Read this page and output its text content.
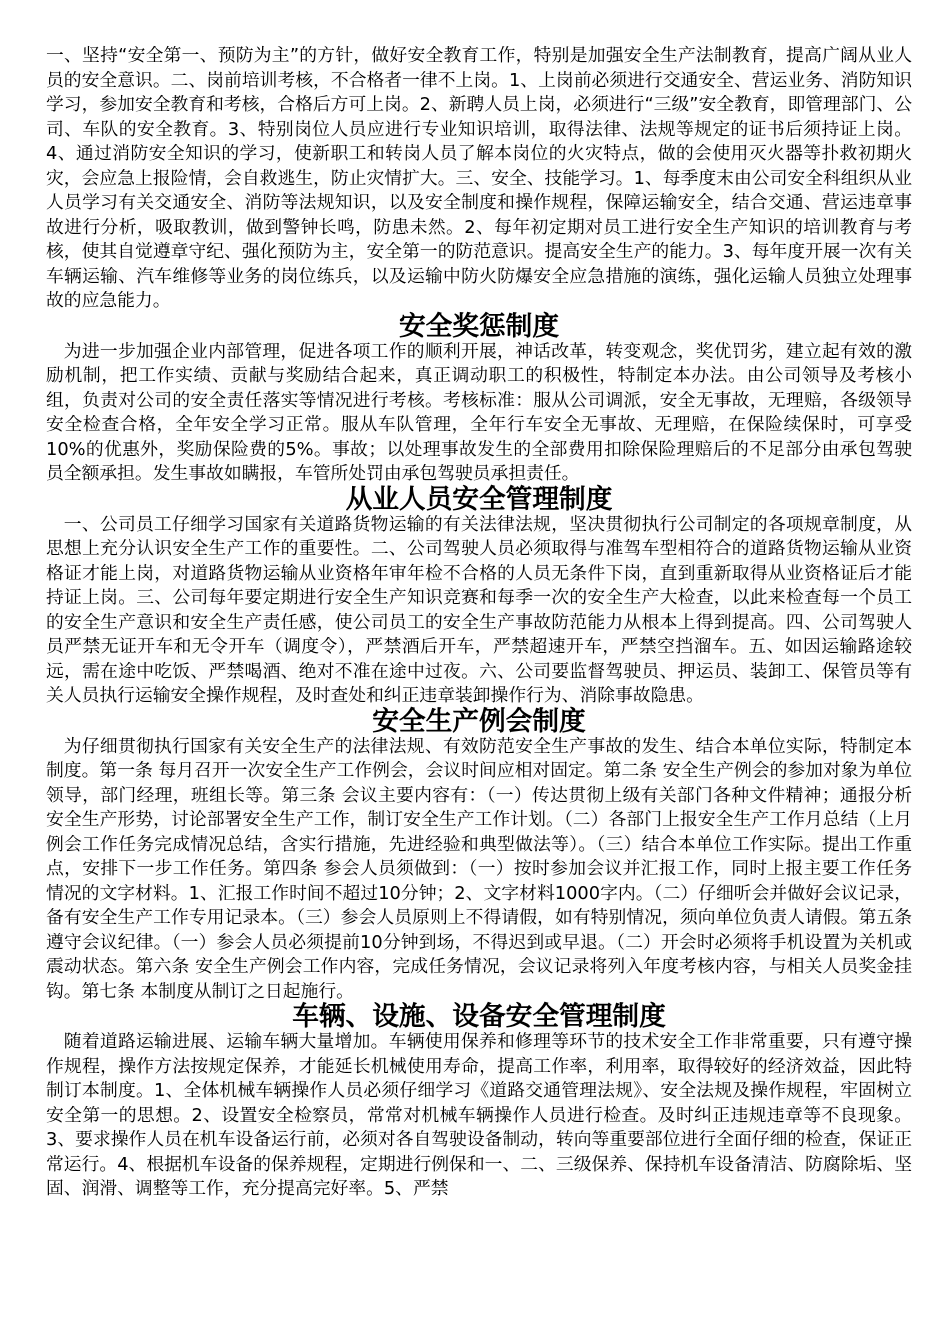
一、坚持“安全第一、预防为主”的方针，做好安全教育工作，特别是加强安全生产法制教育，提高广阔从业人员的安全意识。二、岗前培训考核，不合格者一律不上岗。1、上岗前必须进行交通安全、营运业务、消防知识学习，参加安全教育和考核，合格后方可上岗。2、新聘人员上岗，必须进行“三级”安全教育，即管理部门、公司、车队的安全教育。3、特别岗位人员应进行专业知识培训，取得法律、法规等规定的证书后须持证上岗。4、通过消防安全知识的学习，使新职工和转岗人员了解本岗位的火灾特点，做的会使用灭火器等扑救初期火灾，会应急上报险情，会自救逃生，防止灾情扩大。三、安全、技能学习。1、每季度末由公司安全科组织从业人员学习有关交通安全、消防等法规知识，以及安全制度和操作规程，保障运输安全，结合交通、营运违章事故进行分析，吸取教训，做到警钟长鸣，防患未然。2、每年初定期对员工进行安全生产知识的培训教育与考核，使其自觉遵章守纪、强化预防为主，安全第一的防范意识。提高安全生产的能力。3、每年度开展一次有关车辆运输、汽车维修等业务的岗位练兵，以及运输中防火防爆安全应急措施的演练，强化运输人员独立处理事故的应急能力。

安全奖惩制度

为进一步加强企业内部管理，促进各项工作的顺利开展，神话改革，转变观念，奖优罚劣，建立起有效的激励机制，把工作实绩、贡献与奖励结合起来，真正调动职工的积极性，特制定本办法。由公司领导及考核小组，负责对公司的安全责任落实等情况进行考核。考核标准：服从公司调派，安全无事故，无理赔，各级领导安全检查合格，全年安全学习正常。服从车队管理，全年行车安全无事故、无理赔，在保险续保时，可享受10%的优惠外，奖励保险费的5%。事故；以处理事故发生的全部费用扣除保险理赔后的不足部分由承包驾驶员全额承担。发生事故如瞒报，车管所处罚由承包驾驶员承担责任。

从业人员安全管理制度

一、公司员工仔细学习国家有关道路货物运输的有关法律法规，坚决贯彻执行公司制定的各项规章制度，从思想上充分认识安全生产工作的重要性。二、公司驾驶人员必须取得与准驾车型相符合的道路货物运输从业资格证才能上岗，对道路货物运输从业资格年审年检不合格的人员无条件下岗，直到重新取得从业资格证后才能持证上岗。三、公司每年要定期进行安全生产知识竞赛和每季一次的安全生产大检查，以此来检查每一个员工的安全生产意识和安全生产责任感，使公司员工的安全生产事故防范能力从根本上得到提高。四、公司驾驶人员严禁无证开车和无令开车（调度令），严禁酒后开车，严禁超速开车，严禁空挡溜车。五、如因运输路途较远，需在途中吃饭、严禁喝酒、绝对不准在途中过夜。六、公司要监督驾驶员、押运员、装卸工、保管员等有关人员执行运输安全操作规程，及时查处和纠正违章装卸操作行为、消除事故隐患。

安全生产例会制度

为仔细贯彻执行国家有关安全生产的法律法规、有效防范安全生产事故的发生、结合本单位实际，特制定本制度。第一条 每月召开一次安全生产工作例会，会议时间应相对固定。第二条 安全生产例会的参加对象为单位领导，部门经理，班组长等。第三条 会议主要内容有：（一）传达贯彻上级有关部门各种文件精神；通报分析安全生产形势，讨论部署安全生产工作，制订安全生产工作计划。（二）各部门上报安全生产工作月总结（上月例会工作任务完成情况总结，含实行措施，先进经验和典型做法等）。（三）结合本单位工作实际。提出工作重点，安排下一步工作任务。第四条 参会人员须做到：（一）按时参加会议并汇报工作，同时上报主要工作任务情况的文字材料。1、汇报工作时间不超过10分钟；2、文字材料1000字内。（二）仔细听会并做好会议记录，备有安全生产工作专用记录本。（三）参会人员原则上不得请假，如有特别情况，须向单位负责人请假。第五条 遵守会议纪律。（一）参会人员必须提前10分钟到场，不得迟到或早退。（二）开会时必须将手机设置为关机或震动状态。第六条 安全生产例会工作内容，完成任务情况，会议记录将列入年度考核内容，与相关人员奖金挂钩。第七条 本制度从制订之日起施行。

车辆、设施、设备安全管理制度

随着道路运输进展、运输车辆大量增加。车辆使用保养和修理等环节的技术安全工作非常重要，只有遵守操作规程，操作方法按规定保养，才能延长机械使用寿命，提高工作率，利用率，取得较好的经济效益，因此特制订本制度。1、全体机械车辆操作人员必须仔细学习《道路交通管理法规》、安全法规及操作规程，牢固树立安全第一的思想。2、设置安全检察员，常常对机械车辆操作人员进行检查。及时纠正违规违章等不良现象。3、要求操作人员在机车设备运行前，必须对各自驾驶设备制动，转向等重要部位进行全面仔细的检查，保证正常运行。4、根据机车设备的保养规程，定期进行例保和一、二、三级保养、保持机车设备清洁、防腐除垢、坚固、润滑、调整等工作，充分提高完好率。5、严禁
